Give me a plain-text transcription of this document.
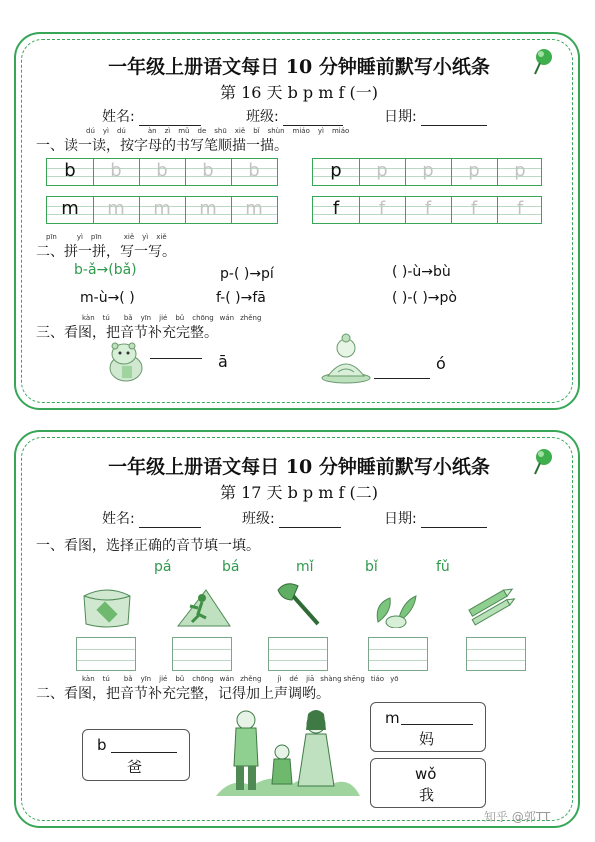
一年级上册语文每日 10 分钟睡前默写小纸条
第 16 天 b p m f (一)
姓名:	班级:	日期:
dú yì dú	àn zì mǔ de shū xiě bǐ shùn miáo yì miáo
一、读一读，按字母的书写笔顺描一描。
b	b	b	b	b	p	p	p	p	p
m	m	m	m	m	f	f	f	f	f
pīn	yì pīn	xiě yì xiě
二、拼一拼，写一写。
b-ǎ→(bǎ)	p-( )→pí	( )-ù→bù
m-ù→( )	f-( )→fā	( )-( )→pò
kàn tú bǎ yīn jié bǔ chōng wán zhěng
三、看图，把音节补充完整。
ā	ó
一年级上册语文每日 10 分钟睡前默写小纸条
第 17 天 b p m f (二)
姓名:	班级:	日期:
一、看图，选择正确的音节填一填。
pá	bá	mǐ	bǐ	fǔ
kàn tú bǎ yīn jié bǔ chōng wán zhěng jì dé jiā shàng shēng tiáo yō
二、看图，把音节补充完整，记得加上声调哟。
b
爸
m
妈
wǒ
我
知乎 @郭TT
